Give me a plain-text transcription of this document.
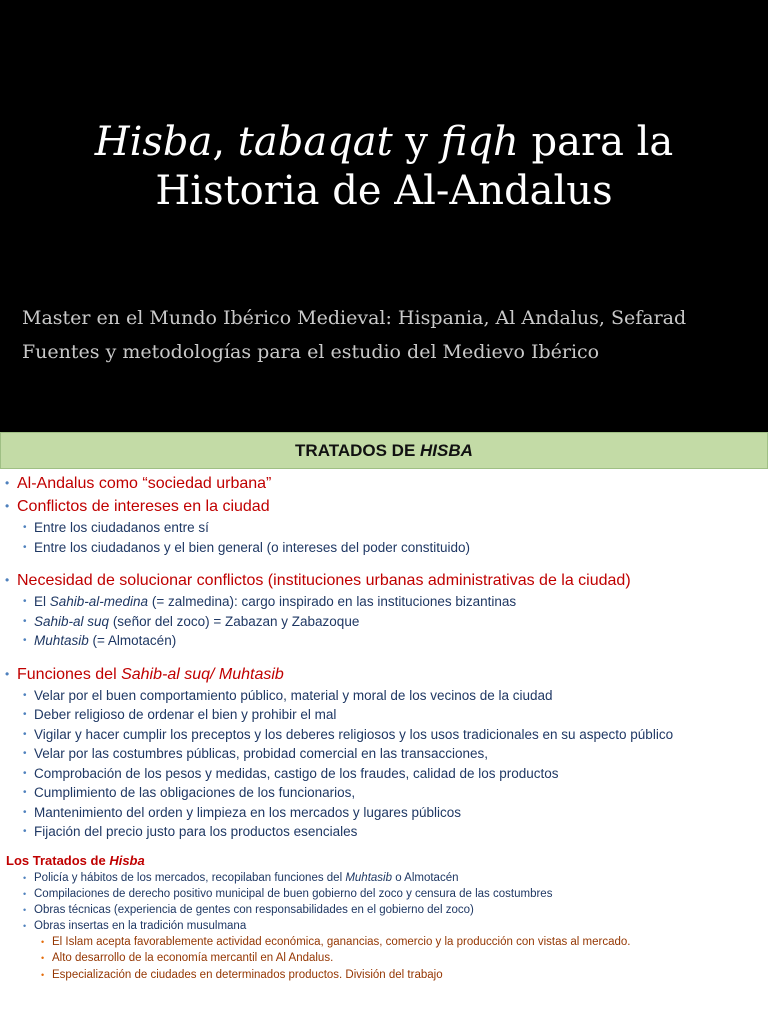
Hisba, tabaqat y fiqh para la
Historia de Al-Andalus

Master en el Mundo Ibérico Medieval: Hispania, Al Andalus, Sefarad

Fuentes y metodologías para el estudio del Medievo Ibérico

TRATADOS DE HISBA
• Al-Andalus como “sociedad urbana”
• Conflictos de intereses en la ciudad
• Entre los ciudadanos entre sí
• Entre los ciudadanos y el bien general (o intereses del poder constituido)
• Necesidad de solucionar conflictos (instituciones urbanas administrativas de la ciudad)
• El Sahib-al-medina (= zalmedina): cargo inspirado en las instituciones bizantinas
• Sahib-al suq (señor del zoco) = Zabazan y Zabazoque
• Muhtasib (= Almotacén)
• Funciones del Sahib-al suq/ Muhtasib
• Velar por el buen comportamiento público, material y moral de los vecinos de la ciudad
• Deber religioso de ordenar el bien y prohibir el mal
• Vigilar y hacer cumplir los preceptos y los deberes religiosos y los usos tradicionales en su aspecto público
• Velar por las costumbres públicas, probidad comercial en las transacciones,
• Comprobación de los pesos y medidas, castigo de los fraudes, calidad de los productos
• Cumplimiento de las obligaciones de los funcionarios,
• Mantenimiento del orden y limpieza en los mercados y lugares públicos
• Fijación del precio justo para los productos esenciales
Los Tratados de Hisba
• Policía y hábitos de los mercados, recopilaban funciones del Muhtasib o Almotacén
• Compilaciones de derecho positivo municipal de buen gobierno del zoco y censura de las costumbres
• Obras técnicas (experiencia de gentes con responsabilidades en el gobierno del zoco)
• Obras insertas en la tradición musulmana
• El Islam acepta favorablemente actividad económica, ganancias, comercio y la producción con vistas al mercado.
• Alto desarrollo de la economía mercantil en Al Andalus.
• Especialización de ciudades en determinados productos. División del trabajo
